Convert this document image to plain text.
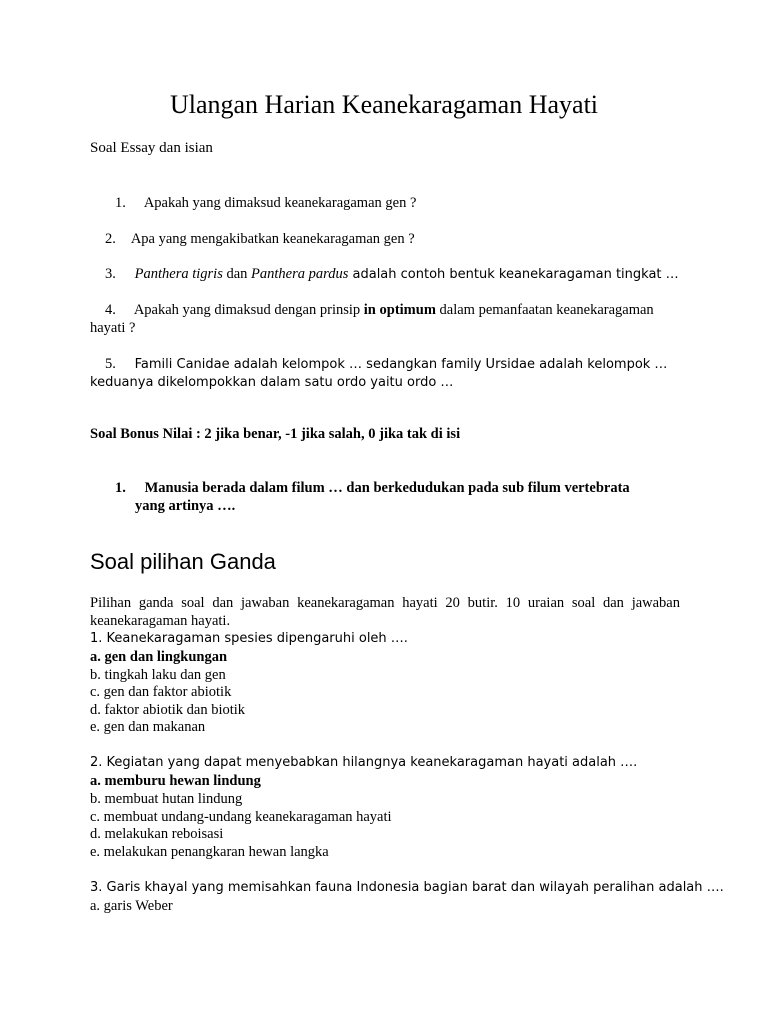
Ulangan Harian Keanekaragaman Hayati
Soal Essay dan isian
1. Apakah yang dimaksud keanekaragaman gen ?
2. Apa yang mengakibatkan keanekaragaman gen ?
3. Panthera tigris dan Panthera pardus adalah contoh bentuk keanekaragaman tingkat …
4. Apakah yang dimaksud dengan prinsip in optimum dalam pemanfaatan keanekaragaman
hayati ?
5. Famili Canidae adalah kelompok … sedangkan family Ursidae adalah kelompok …
keduanya dikelompokkan dalam satu ordo yaitu ordo …
Soal Bonus Nilai : 2 jika benar, -1 jika salah, 0 jika tak di isi
1. Manusia berada dalam filum … dan berkedudukan pada sub filum vertebrata
yang artinya ….
Soal pilihan Ganda
Pilihan ganda soal dan jawaban keanekaragaman hayati 20 butir. 10 uraian soal dan jawaban keanekaragaman hayati.
1. Keanekaragaman spesies dipengaruhi oleh ….
a. gen dan lingkungan
b. tingkah laku dan gen
c. gen dan faktor abiotik
d. faktor abiotik dan biotik
e. gen dan makanan
2. Kegiatan yang dapat menyebabkan hilangnya keanekaragaman hayati adalah ….
a. memburu hewan lindung
b. membuat hutan lindung
c. membuat undang-undang keanekaragaman hayati
d. melakukan reboisasi
e. melakukan penangkaran hewan langka
3. Garis khayal yang memisahkan fauna Indonesia bagian barat dan wilayah peralihan adalah ….
a. garis Weber
